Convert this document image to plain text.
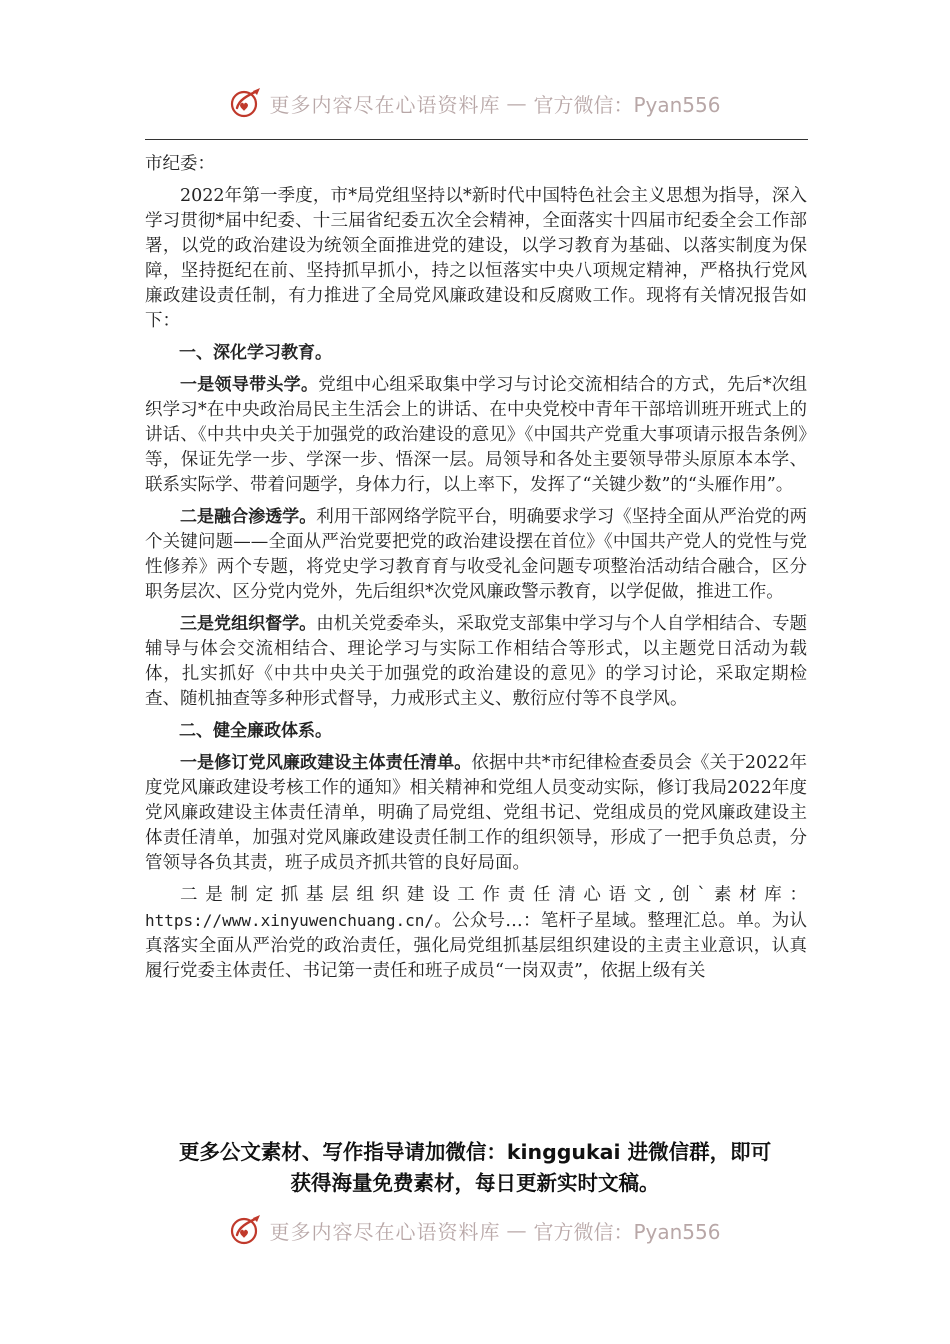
更多内容尽在心语资料库 — 官方微信：Pyan556

市纪委：

2022年第一季度，市*局党组坚持以*新时代中国特色社会主义思想为指导，深入学习贯彻*届中纪委、十三届省纪委五次全会精神，全面落实十四届市纪委全会工作部署，以党的政治建设为统领全面推进党的建设，以学习教育为基础、以落实制度为保障，坚持挺纪在前、坚持抓早抓小，持之以恒落实中央八项规定精神，严格执行党风廉政建设责任制，有力推进了全局党风廉政建设和反腐败工作。现将有关情况报告如下：

一、深化学习教育。

一是领导带头学。党组中心组采取集中学习与讨论交流相结合的方式，先后*次组织学习*在中央政治局民主生活会上的讲话、在中央党校中青年干部培训班开班式上的讲话、《中共中央关于加强党的政治建设的意见》《中国共产党重大事项请示报告条例》等，保证先学一步、学深一步、悟深一层。局领导和各处主要领导带头原原本本学、联系实际学、带着问题学，身体力行，以上率下，发挥了“关键少数”的“头雁作用”。

二是融合渗透学。利用干部网络学院平台，明确要求学习《坚持全面从严治党的两个关键问题——全面从严治党要把党的政治建设摆在首位》《中国共产党人的党性与党性修养》两个专题，将党史学习教育育与收受礼金问题专项整治活动结合融合，区分职务层次、区分党内党外，先后组织*次党风廉政警示教育，以学促做，推进工作。

三是党组织督学。由机关党委牵头，采取党支部集中学习与个人自学相结合、专题辅导与体会交流相结合、理论学习与实际工作相结合等形式，以主题党日活动为载体，扎实抓好《中共中央关于加强党的政治建设的意见》的学习讨论，采取定期检查、随机抽查等多种形式督导，力戒形式主义、敷衍应付等不良学风。

二、健全廉政体系。

一是修订党风廉政建设主体责任清单。依据中共*市纪律检查委员会《关于2022年度党风廉政建设考核工作的通知》相关精神和党组人员变动实际，修订我局2022年度党风廉政建设主体责任清单，明确了局党组、党组书记、党组成员的党风廉政建设主体责任清单，加强对党风廉政建设责任制工作的组织领导，形成了一把手负总责，分管领导各负其责，班子成员齐抓共管的良好局面。

二是制定抓基层组织建设工作责任清心语文,创`素材库：https://www.xinyuwenchuang.cn/。公众号…：笔杆子星域。整理汇总。单。为认真落实全面从严治党的政治责任，强化局党组抓基层组织建设的主责主业意识，认真履行党委主体责任、书记第一责任和班子成员“一岗双责”，依据上级有关

更多公文素材、写作指导请加微信：kinggukai 进微信群，即可
获得海量免费素材，每日更新实时文稿。
更多内容尽在心语资料库 — 官方微信：Pyan556
